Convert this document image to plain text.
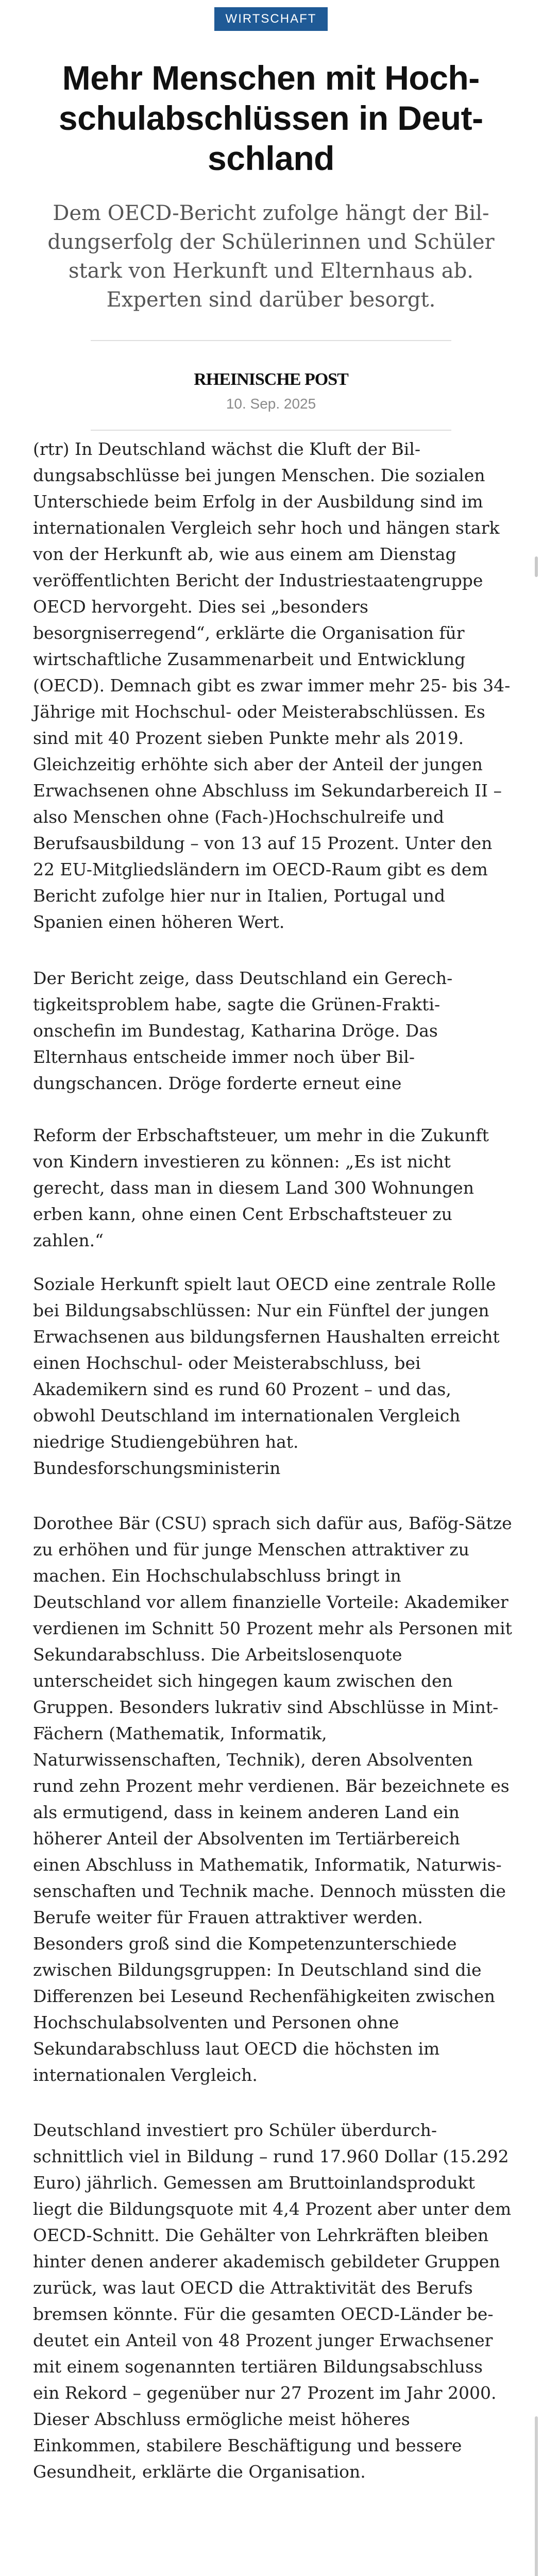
WIRTSCHAFT
Mehr Menschen mit Hochschulabschlüssen in Deutschland
Dem OECD-Bericht zufolge hängt der Bildungserfolg der Schülerinnen und Schüler stark von Herkunft und Elternhaus ab. Experten sind darüber besorgt.
RHEINISCHE POST
10. Sep. 2025

(rtr) In Deutschland wächst die Kluft der Bildungsabschlüsse bei jungen Menschen. Die sozialen Unterschiede beim Erfolg in der Ausbildung sind im internationalen Vergleich sehr hoch und hängen stark von der Herkunft ab, wie aus einem am Dienstag veröffentlichten Bericht der Industriestaatengruppe OECD hervorgeht. Dies sei „besonders besorgniserregend“, erklärte die Organisation für wirtschaftliche Zusammenarbeit und Entwicklung (OECD). Demnach gibt es zwar immer mehr 25- bis 34-Jährige mit Hochschul- oder Meisterabschlüssen. Es sind mit 40 Prozent sieben Punkte mehr als 2019. Gleichzeitig erhöhte sich aber der Anteil der jungen Erwachsenen ohne Abschluss im Sekundarbereich II – also Menschen ohne (Fach-)Hochschulreife und Berufsausbildung – von 13 auf 15 Prozent. Unter den 22 EU-Mitgliedsländern im OECD-Raum gibt es dem Bericht zufolge hier nur in Italien, Portugal und Spanien einen höheren Wert.

Der Bericht zeige, dass Deutschland ein Gerechtigkeitsproblem habe, sagte die Grünen-Fraktionschefin im Bundestag, Katharina Dröge. Das Elternhaus entscheide immer noch über Bildungschancen. Dröge forderte erneut eine

Reform der Erbschaftsteuer, um mehr in die Zukunft von Kindern investieren zu können: „Es ist nicht gerecht, dass man in diesem Land 300 Wohnungen erben kann, ohne einen Cent Erbschaftsteuer zu zahlen.“

Soziale Herkunft spielt laut OECD eine zentrale Rolle bei Bildungsabschlüssen: Nur ein Fünftel der jungen Erwachsenen aus bildungsfernen Haushalten erreicht einen Hochschul- oder Meisterabschluss, bei Akademikern sind es rund 60 Prozent – und das, obwohl Deutschland im internationalen Vergleich niedrige Studiengebühren hat. Bundesforschungsministerin

Dorothee Bär (CSU) sprach sich dafür aus, Bafög-Sätze zu erhöhen und für junge Menschen attraktiver zu machen. Ein Hochschulabschluss bringt in Deutschland vor allem finanzielle Vorteile: Akademiker verdienen im Schnitt 50 Prozent mehr als Personen mit Sekundarabschluss. Die Arbeitslosenquote unterscheidet sich hingegen kaum zwischen den Gruppen. Besonders lukrativ sind Abschlüsse in Mint-Fächern (Mathematik, Informatik, Naturwissenschaften, Technik), deren Absolventen rund zehn Prozent mehr verdienen. Bär bezeichnete es als ermutigend, dass in keinem anderen Land ein höherer Anteil der Absolventen im Tertiärbereich einen Abschluss in Mathematik, Informatik, Naturwissenschaften und Technik mache. Dennoch müssten die Berufe weiter für Frauen attraktiver werden. Besonders groß sind die Kompetenzunterschiede zwischen Bildungsgruppen: In Deutschland sind die Differenzen bei Leseund Rechenfähigkeiten zwischen Hochschulabsolventen und Personen ohne Sekundarabschluss laut OECD die höchsten im internationalen Vergleich.

Deutschland investiert pro Schüler überdurchschnittlich viel in Bildung – rund 17.960 Dollar (15.292 Euro) jährlich. Gemessen am Bruttoinlandsprodukt liegt die Bildungsquote mit 4,4 Prozent aber unter dem OECD-Schnitt. Die Gehälter von Lehrkräften bleiben hinter denen anderer akademisch gebildeter Gruppen zurück, was laut OECD die Attraktivität des Berufs bremsen könnte. Für die gesamten OECD-Länder bedeutet ein Anteil von 48 Prozent junger Erwachsener mit einem sogenannten tertiären Bildungsabschluss ein Rekord – gegenüber nur 27 Prozent im Jahr 2000. Dieser Abschluss ermögliche meist höheres Einkommen, stabilere Beschäftigung und bessere Gesundheit, erklärte die Organisation.
